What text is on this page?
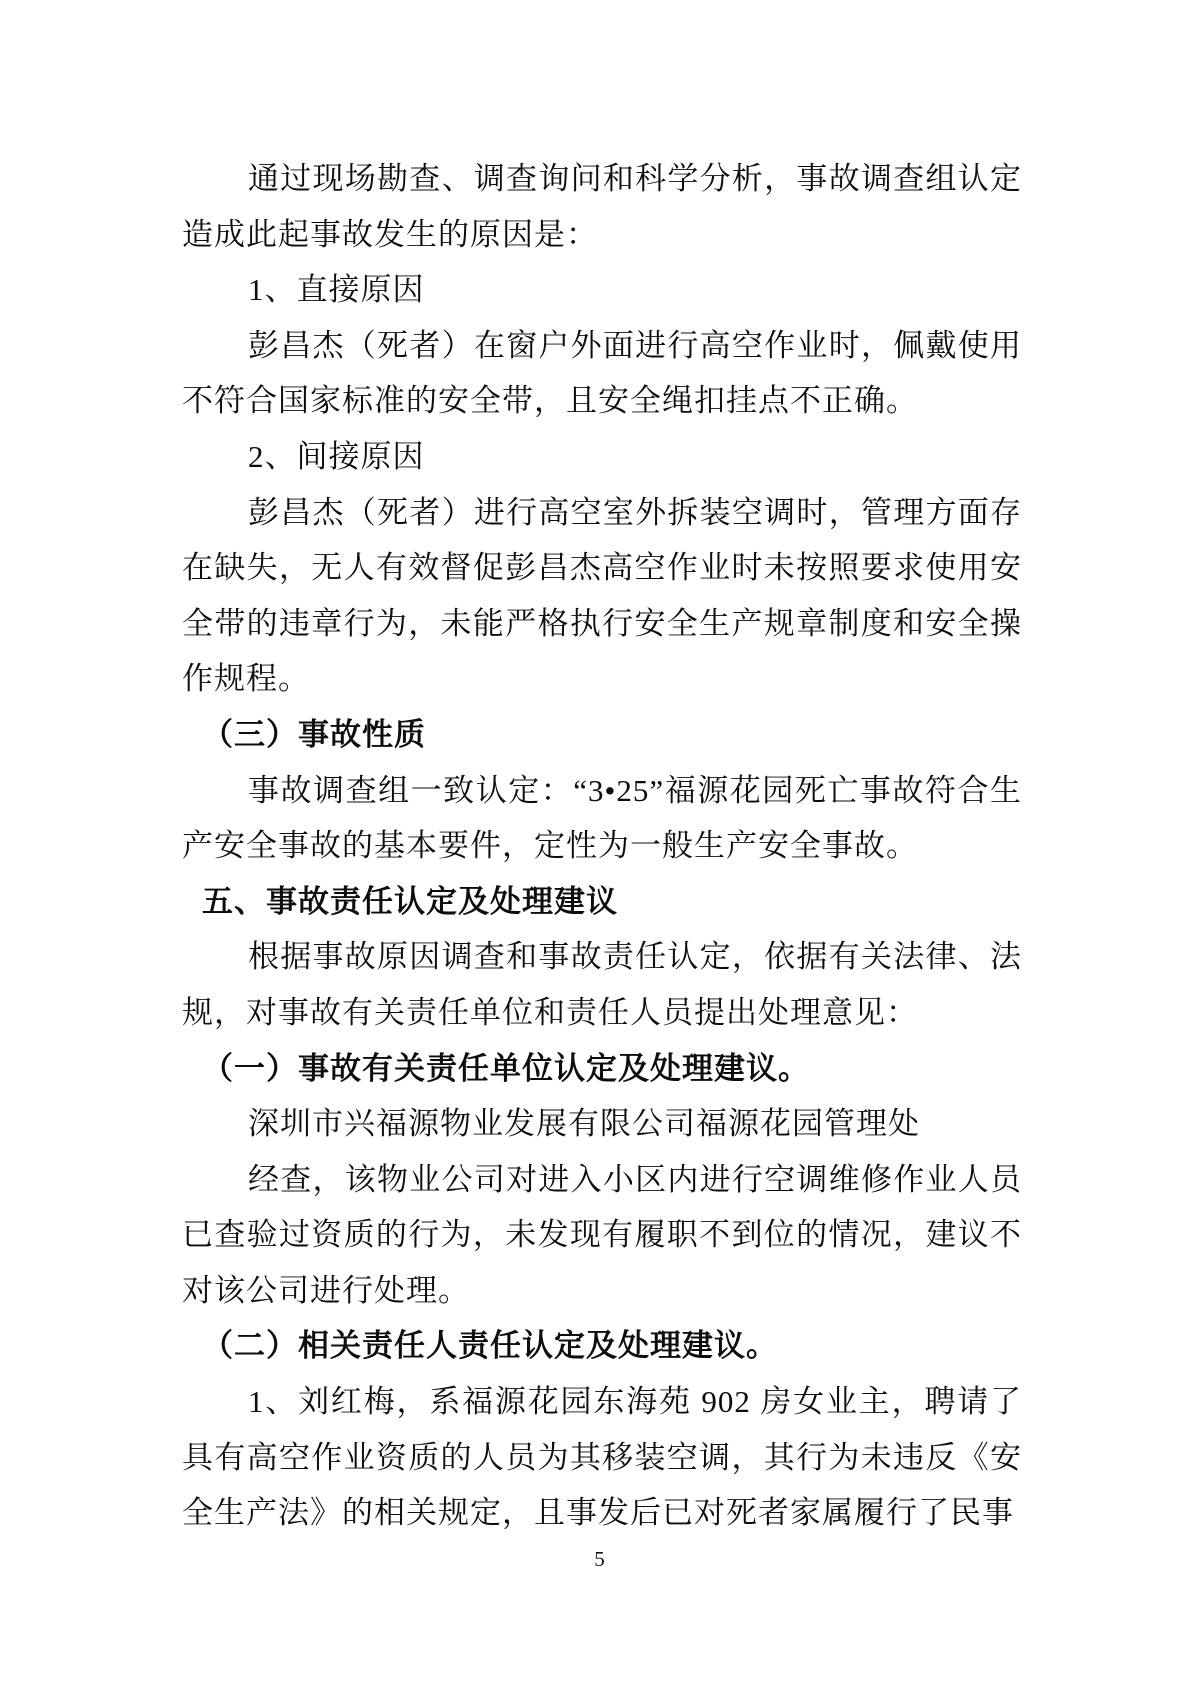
通过现场勘查、调查询问和科学分析，事故调查组认定造成此起事故发生的原因是：

1、直接原因

彭昌杰（死者）在窗户外面进行高空作业时，佩戴使用不符合国家标准的安全带，且安全绳扣挂点不正确。

2、间接原因

彭昌杰（死者）进行高空室外拆装空调时，管理方面存在缺失，无人有效督促彭昌杰高空作业时未按照要求使用安全带的违章行为，未能严格执行安全生产规章制度和安全操作规程。

（三）事故性质

事故调查组一致认定：“3•25”福源花园死亡事故符合生产安全事故的基本要件，定性为一般生产安全事故。

五、事故责任认定及处理建议

根据事故原因调查和事故责任认定，依据有关法律、法规，对事故有关责任单位和责任人员提出处理意见：

（一）事故有关责任单位认定及处理建议。

深圳市兴福源物业发展有限公司福源花园管理处

经查，该物业公司对进入小区内进行空调维修作业人员已查验过资质的行为，未发现有履职不到位的情况，建议不对该公司进行处理。

（二）相关责任人责任认定及处理建议。

1、刘红梅，系福源花园东海苑 902 房女业主，聘请了具有高空作业资质的人员为其移装空调，其行为未违反《安全生产法》的相关规定，且事发后已对死者家属履行了民事

5
